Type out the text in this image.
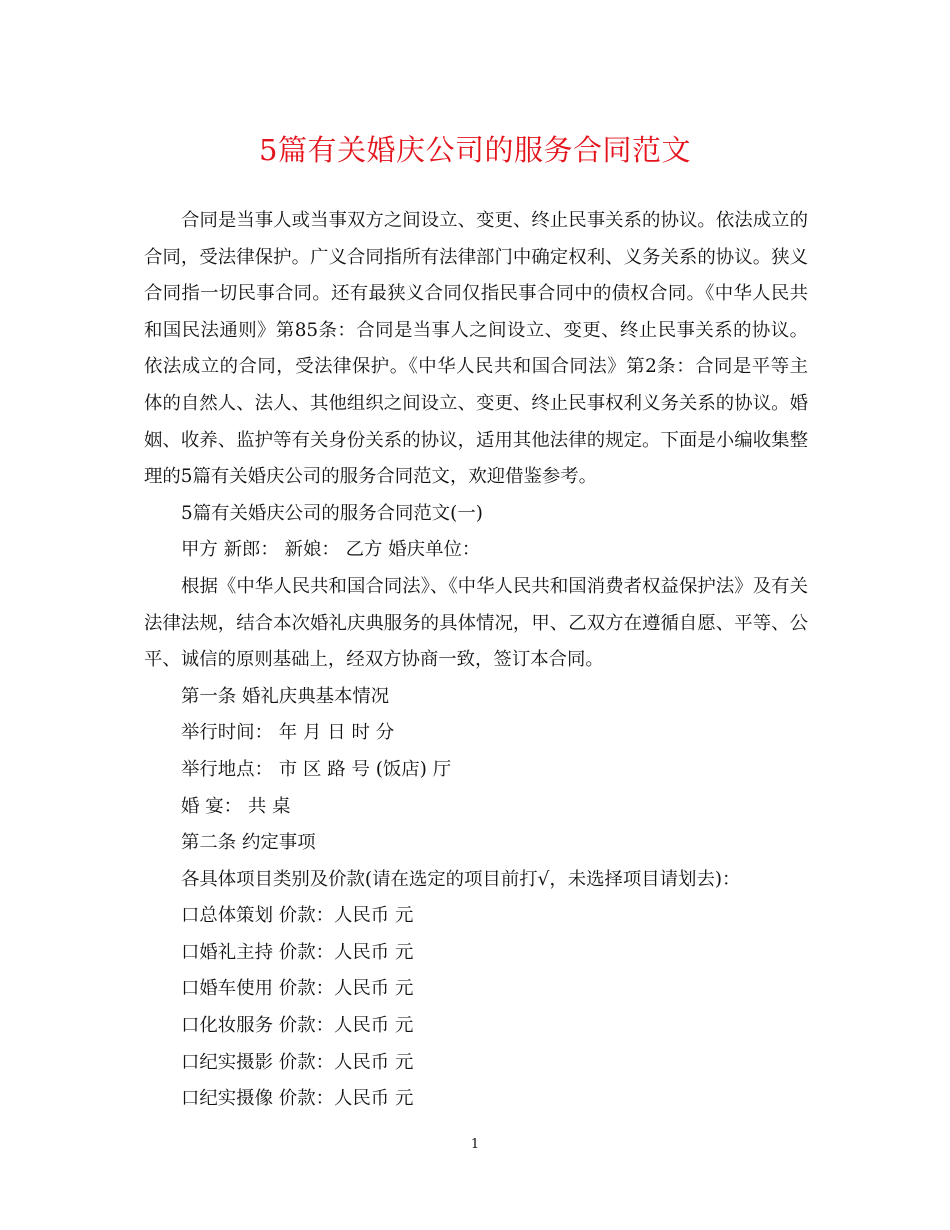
5篇有关婚庆公司的服务合同范文

合同是当事人或当事双方之间设立、变更、终止民事关系的协议。依法成立的合同，受法律保护。广义合同指所有法律部门中确定权利、义务关系的协议。狭义合同指一切民事合同。还有最狭义合同仅指民事合同中的债权合同。《中华人民共和国民法通则》第85条：合同是当事人之间设立、变更、终止民事关系的协议。依法成立的合同，受法律保护。《中华人民共和国合同法》第2条：合同是平等主体的自然人、法人、其他组织之间设立、变更、终止民事权利义务关系的协议。婚姻、收养、监护等有关身份关系的协议，适用其他法律的规定。下面是小编收集整理的5篇有关婚庆公司的服务合同范文，欢迎借鉴参考。

5篇有关婚庆公司的服务合同范文(一)

甲方 新郎： 新娘： 乙方 婚庆单位：

根据《中华人民共和国合同法》、《中华人民共和国消费者权益保护法》及有关法律法规，结合本次婚礼庆典服务的具体情况，甲、乙双方在遵循自愿、平等、公平、诚信的原则基础上，经双方协商一致，签订本合同。

第一条 婚礼庆典基本情况

举行时间： 年 月 日 时 分

举行地点： 市 区 路 号 (饭店) 厅

婚 宴： 共 桌

第二条 约定事项

各具体项目类别及价款(请在选定的项目前打√，未选择项目请划去)：

口总体策划 价款：人民币 元

口婚礼主持 价款：人民币 元

口婚车使用 价款：人民币 元

口化妆服务 价款：人民币 元

口纪实摄影 价款：人民币 元

口纪实摄像 价款：人民币 元

1
